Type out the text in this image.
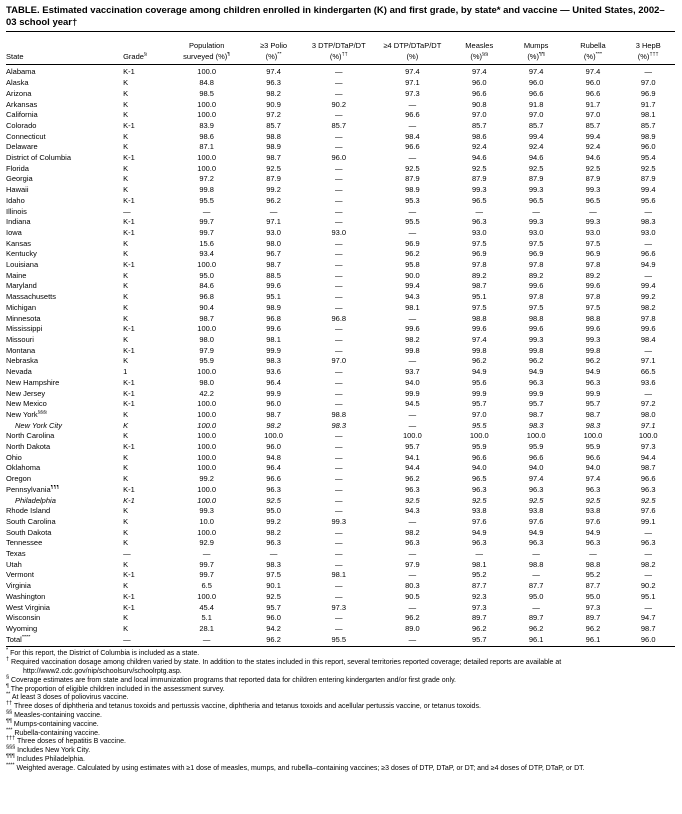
TABLE. Estimated vaccination coverage among children enrolled in kindergarten (K) and first grade, by state* and vaccine — United States, 2002–03 school year†
		Population	≥3 Polio	3 DTP/DTaP/DT	≥4 DTP/DTaP/DT	Measles	Mumps	Rubella	3 HepB
State	Grade§	surveyed (%)¶	(%)**	(%)††	(%)	(%)§§	(%)¶¶	(%)***	(%)†††
Alabama	K-1	100.0	97.4	—	97.4	97.4	97.4	97.4	—
Alaska	K	84.8	96.3	—	97.1	96.0	96.0	96.0	97.0
Arizona	K	98.5	98.2	—	97.3	96.6	96.6	96.6	96.9
Arkansas	K	100.0	90.9	90.2	—	90.8	91.8	91.7	91.7
California	K	100.0	97.2	—	96.6	97.0	97.0	97.0	98.1
Colorado	K-1	83.9	85.7	85.7	—	85.7	85.7	85.7	85.7
Connecticut	K	98.6	98.8	—	98.4	98.6	99.4	99.4	98.9
Delaware	K	87.1	98.9	—	96.6	92.4	92.4	92.4	96.0
District of Columbia	K-1	100.0	98.7	96.0	—	94.6	94.6	94.6	95.4
Florida	K	100.0	92.5	—	92.5	92.5	92.5	92.5	92.5
Georgia	K	97.2	87.9	—	87.9	87.9	87.9	87.9	87.9
Hawaii	K	99.8	99.2	—	98.9	99.3	99.3	99.3	99.4
Idaho	K-1	95.5	96.2	—	95.3	96.5	96.5	96.5	95.6
Illinois	—	—	—	—	—	—	—	—	—
Indiana	K-1	99.7	97.1	—	95.5	96.3	99.3	99.3	98.3
Iowa	K-1	99.7	93.0	93.0	—	93.0	93.0	93.0	93.0
Kansas	K	15.6	98.0	—	96.9	97.5	97.5	97.5	—
Kentucky	K	93.4	96.7	—	96.2	96.9	96.9	96.9	96.6
Louisiana	K-1	100.0	98.7	—	95.8	97.8	97.8	97.8	94.9
Maine	K	95.0	88.5	—	90.0	89.2	89.2	89.2	—
Maryland	K	84.6	99.6	—	99.4	98.7	99.6	99.6	99.4
Massachusetts	K	96.8	95.1	—	94.3	95.1	97.8	97.8	99.2
Michigan	K	90.4	98.9	—	98.1	97.5	97.5	97.5	98.2
Minnesota	K	98.7	96.8	96.8	—	98.8	98.8	98.8	97.8
Mississippi	K-1	100.0	99.6	—	99.6	99.6	99.6	99.6	99.6
Missouri	K	98.0	98.1	—	98.2	97.4	99.3	99.3	98.4
Montana	K-1	97.9	99.9	—	99.8	99.8	99.8	99.8	—
Nebraska	K	95.9	98.3	97.0	—	96.2	96.2	96.2	97.1
Nevada	1	100.0	93.6	—	93.7	94.9	94.9	94.9	66.5
New Hampshire	K-1	98.0	96.4	—	94.0	95.6	96.3	96.3	93.6
New Jersey	K-1	42.2	99.9	—	99.9	99.9	99.9	99.9	—
New Mexico	K-1	100.0	96.0	—	94.5	95.7	95.7	95.7	97.2
New York§§§	K	100.0	98.7	98.8	—	97.0	98.7	98.7	98.0
New York City	K	100.0	98.2	98.3	—	95.5	98.3	98.3	97.1
North Carolina	K	100.0	100.0	—	100.0	100.0	100.0	100.0	100.0
North Dakota	K-1	100.0	96.0	—	95.7	95.9	95.9	95.9	97.3
Ohio	K	100.0	94.8	—	94.1	96.6	96.6	96.6	94.4
Oklahoma	K	100.0	96.4	—	94.4	94.0	94.0	94.0	98.7
Oregon	K	99.2	96.6	—	96.2	96.5	97.4	97.4	96.6
Pennsylvania¶¶¶	K-1	100.0	96.3	—	96.3	96.3	96.3	96.3	96.3
Philadelphia	K-1	100.0	92.5	—	92.5	92.5	92.5	92.5	92.5
Rhode Island	K	99.3	95.0	—	94.3	93.8	93.8	93.8	97.6
South Carolina	K	10.0	99.2	99.3	—	97.6	97.6	97.6	99.1
South Dakota	K	100.0	98.2	—	98.2	94.9	94.9	94.9	—
Tennessee	K	92.9	96.3	—	96.3	96.3	96.3	96.3	96.3
Texas	—	—	—	—	—	—	—	—	—
Utah	K	99.7	98.3	—	97.9	98.1	98.8	98.8	98.2
Vermont	K-1	99.7	97.5	98.1	—	95.2	—	95.2	—
Virginia	K	6.5	90.1	—	80.3	87.7	87.7	87.7	90.2
Washington	K-1	100.0	92.5	—	90.5	92.3	95.0	95.0	95.1
West Virginia	K-1	45.4	95.7	97.3	—	97.3	—	97.3	—
Wisconsin	K	5.1	96.0	—	96.2	89.7	89.7	89.7	94.7
Wyoming	K	28.1	94.2	—	89.0	96.2	96.2	96.2	98.7
Total****	—	—	96.2	95.5	—	95.7	96.1	96.1	96.0
* For this report, the District of Columbia is included as a state.
† Required vaccination dosage among children varied by state. In addition to the states included in this report, several territories reported coverage; detailed reports are available at http://www2.cdc.gov/nip/schoolsurv/schoolrptg.asp.
§ Coverage estimates are from state and local immunization programs that reported data for children entering kindergarten and/or first grade only.
¶ The proportion of eligible children included in the assessment survey.
** At least 3 doses of poliovirus vaccine.
†† Three doses of diphtheria and tetanus toxoids and pertussis vaccine, diphtheria and tetanus toxoids and acellular pertussis vaccine, or tetanus toxoids.
§§ Measles-containing vaccine.
¶¶ Mumps-containing vaccine.
*** Rubella-containing vaccine.
††† Three doses of hepatitis B vaccine.
§§§ Includes New York City.
¶¶¶ Includes Philadelphia.
**** Weighted average. Calculated by using estimates with ≥1 dose of measles, mumps, and rubella–containing vaccines; ≥3 doses of DTP, DTaP, or DT; and ≥4 doses of DTP, DTaP, or DT.
